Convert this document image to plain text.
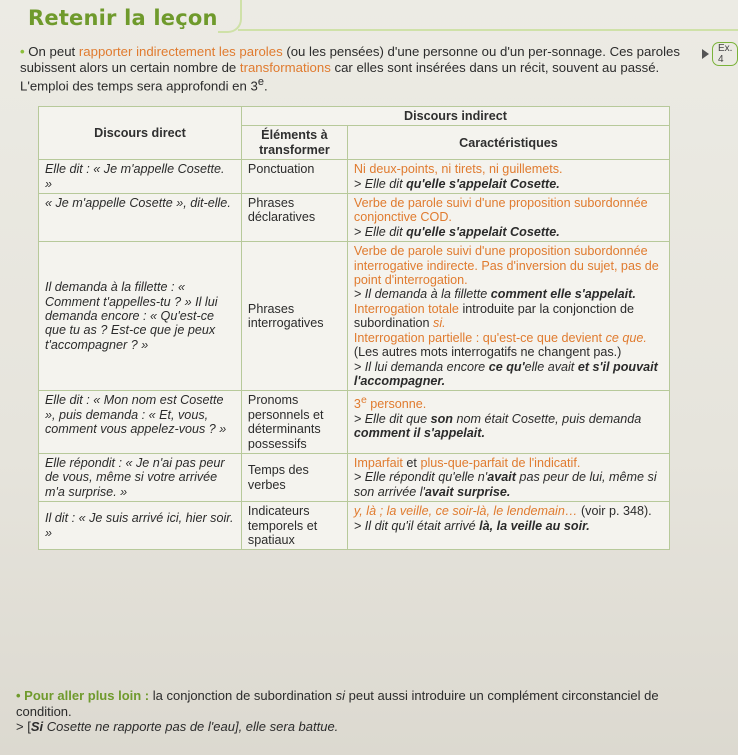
Retenir la leçon
Ex. 4
• On peut rapporter indirectement les paroles (ou les pensées) d'une personne ou d'un per-sonnage. Ces paroles subissent alors un certain nombre de transformations car elles sont insérées dans un récit, souvent au passé. L'emploi des temps sera approfondi en 3e.
Discours direct	Discours indirect	
	Éléments à transformer	Caractéristiques
Elle dit : « Je m'appelle Cosette. »	Ponctuation	Ni deux-points, ni tirets, ni guillemets.
> Elle dit qu'elle s'appelait Cosette.
« Je m'appelle Cosette », dit-elle.	Phrases déclaratives	Verbe de parole suivi d'une proposition subordonnée conjonctive COD.
> Elle dit qu'elle s'appelait Cosette.
Il demanda à la fillette : « Comment t'appelles-tu ? » Il lui demanda encore : « Qu'est-ce que tu as ? Est-ce que je peux t'accompagner ? »	Phrases interrogatives	Verbe de parole suivi d'une proposition subordonnée interrogative indirecte. Pas d'inversion du sujet, pas de point d'interrogation.
> Il demanda à la fillette comment elle s'appelait.
Interrogation totale introduite par la conjonction de subordination si.
Interrogation partielle : qu'est-ce que devient ce que. (Les autres mots interrogatifs ne changent pas.)
> Il lui demanda encore ce qu'elle avait et s'il pouvait l'accompagner.
Elle dit : « Mon nom est Cosette », puis demanda : « Et, vous, comment vous appelez-vous ? »	Pronoms personnels et déterminants possessifs	3e personne.
> Elle dit que son nom était Cosette, puis demanda comment il s'appelait.
Elle répondit : « Je n'ai pas peur de vous, même si votre arrivée m'a surprise. »	Temps des verbes	Imparfait et plus-que-parfait de l'indicatif.
> Elle répondit qu'elle n'avait pas peur de lui, même si son arrivée l'avait surprise.
Il dit : « Je suis arrivé ici, hier soir. »	Indicateurs temporels et spatiaux	y, là ; la veille, ce soir-là, le lendemain… (voir p. 348).
> Il dit qu'il était arrivé là, la veille au soir.
• Pour aller plus loin : la conjonction de subordination si peut aussi introduire un complément circonstanciel de condition.
> [Si Cosette ne rapporte pas de l'eau], elle sera battue.
